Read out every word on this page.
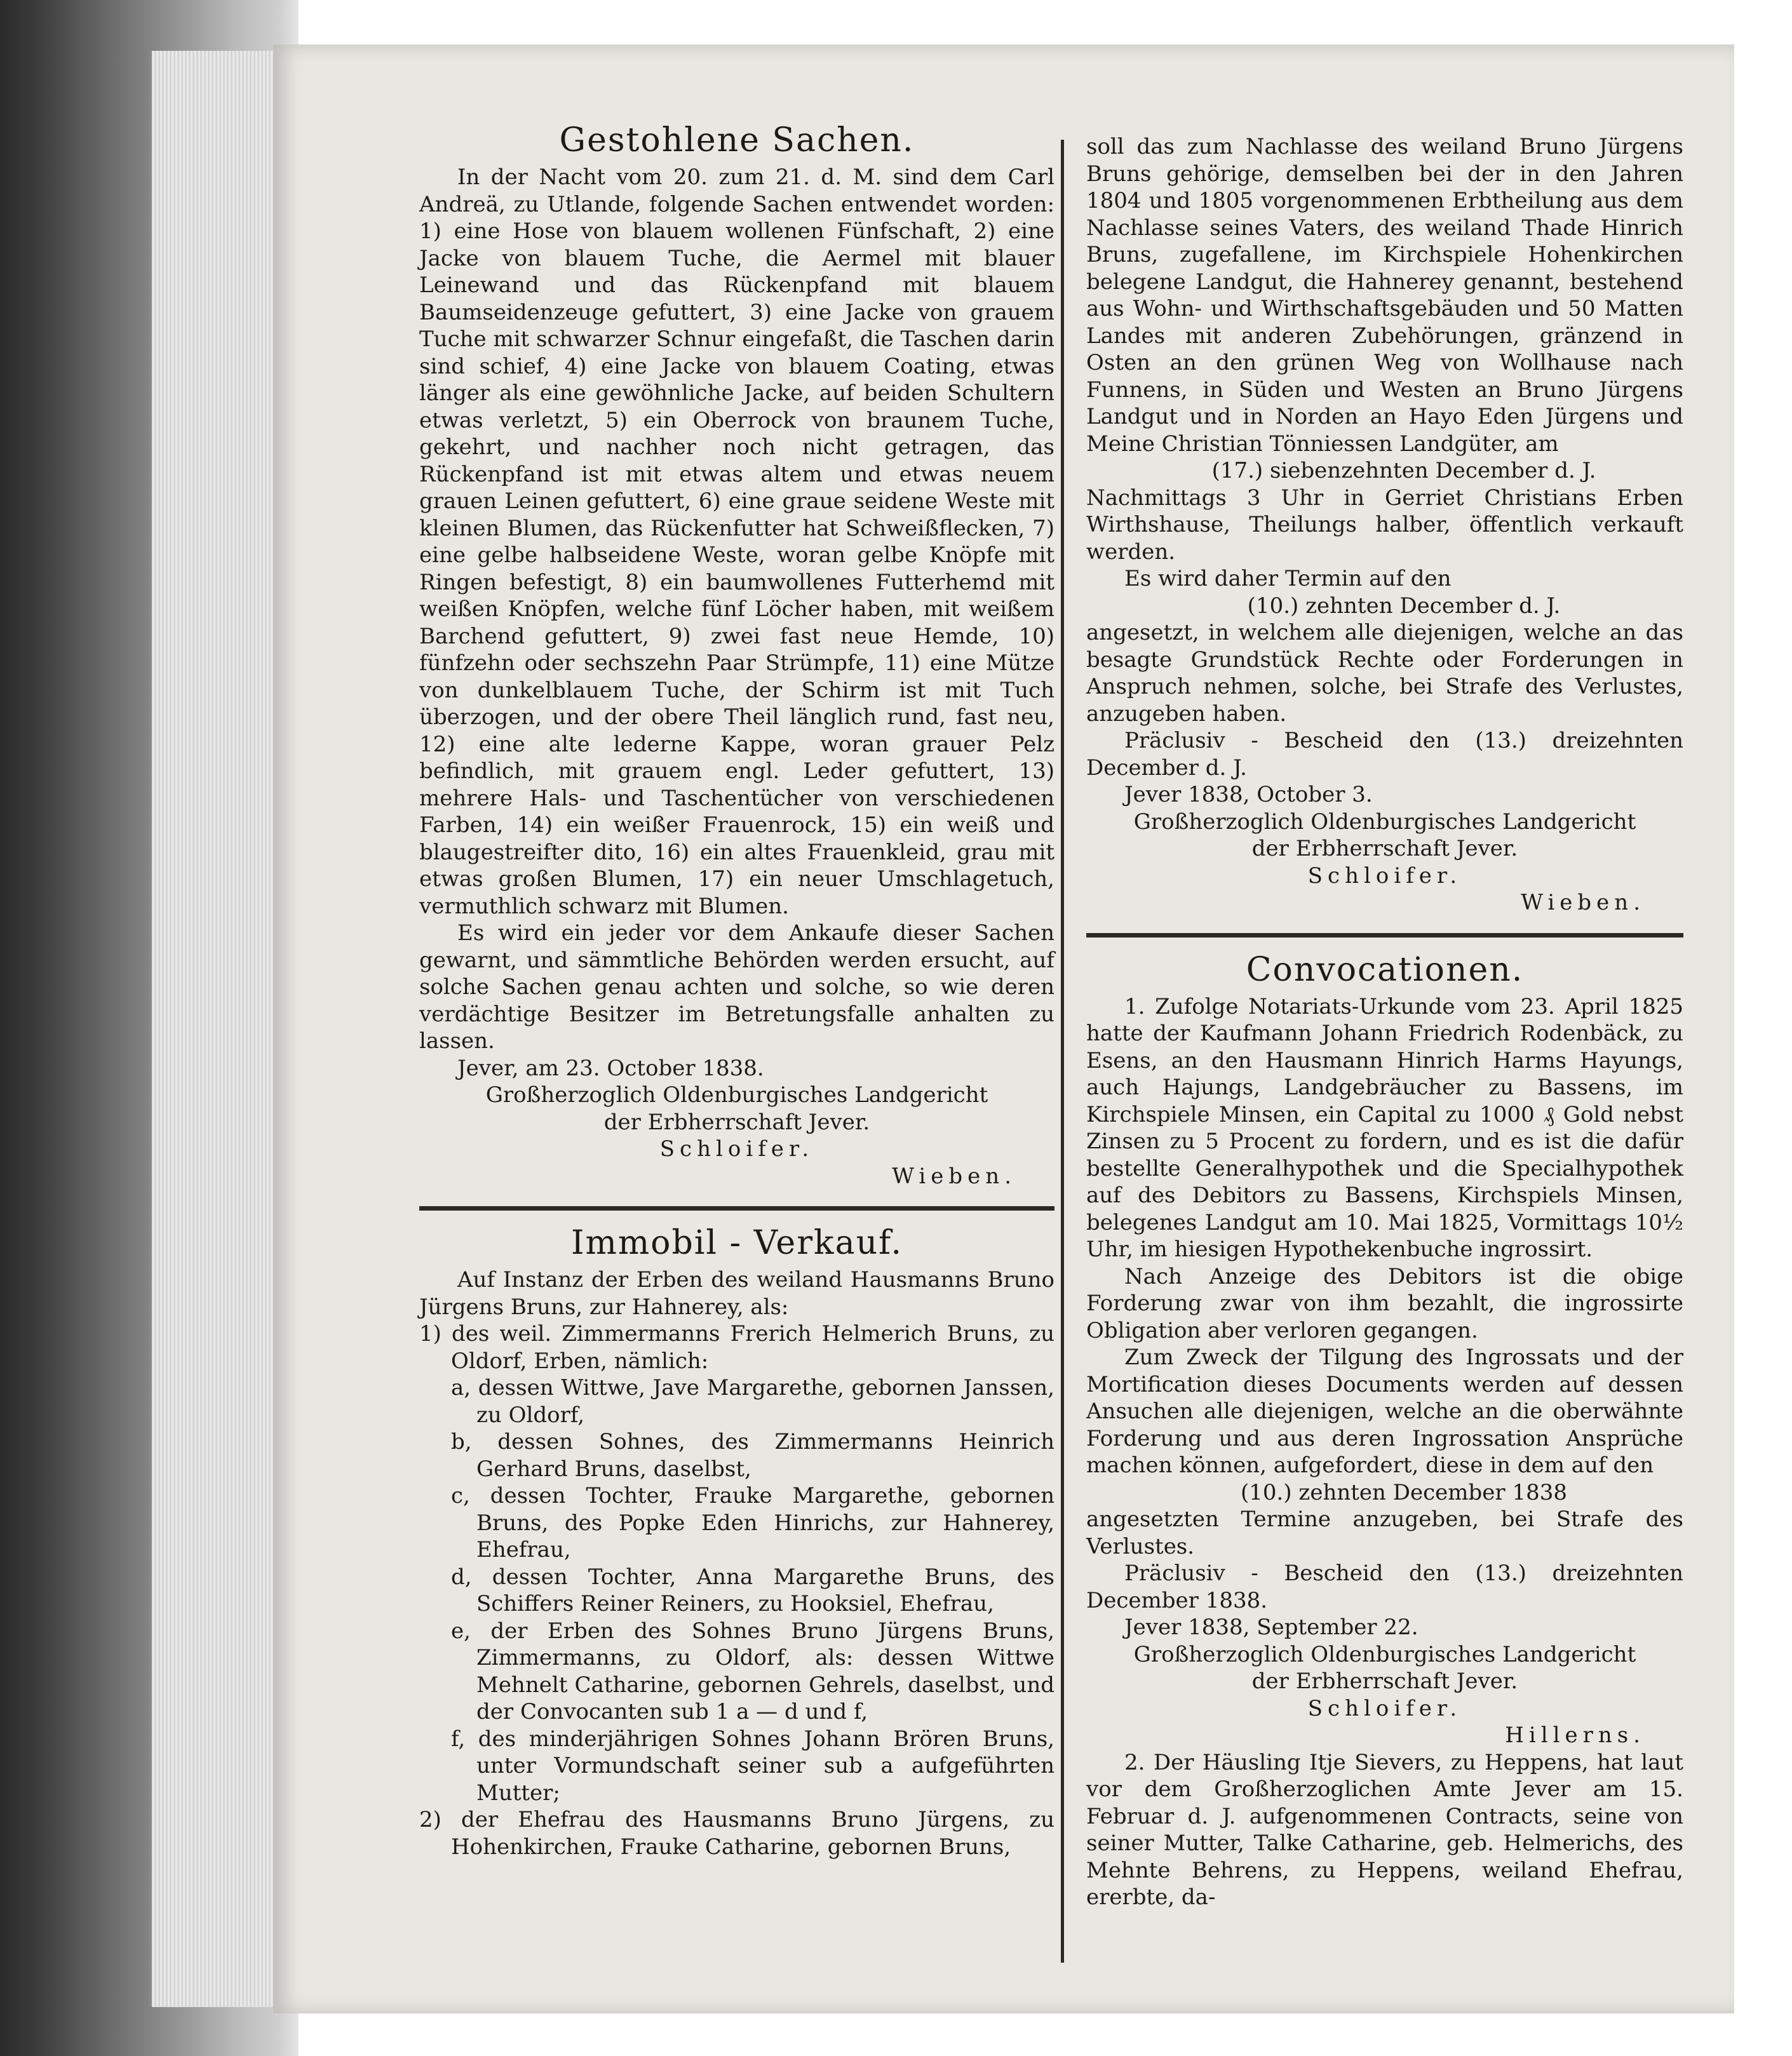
Gestohlene Sachen.

In der Nacht vom 20. zum 21. d. M. sind dem Carl Andreä, zu Utlande, folgende Sachen entwendet worden: 1) eine Hose von blauem wollenen Fünfschaft, 2) eine Jacke von blauem Tuche, die Aermel mit blauer Leinewand und das Rückenpfand mit blauem Baumseidenzeuge gefuttert, 3) eine Jacke von grauem Tuche mit schwarzer Schnur eingefaßt, die Taschen darin sind schief, 4) eine Jacke von blauem Coating, etwas länger als eine gewöhnliche Jacke, auf beiden Schultern etwas verletzt, 5) ein Oberrock von braunem Tuche, gekehrt, und nachher noch nicht getragen, das Rückenpfand ist mit etwas altem und etwas neuem grauen Leinen gefuttert, 6) eine graue seidene Weste mit kleinen Blumen, das Rückenfutter hat Schweißflecken, 7) eine gelbe halbseidene Weste, woran gelbe Knöpfe mit Ringen befestigt, 8) ein baumwollenes Futterhemd mit weißen Knöpfen, welche fünf Löcher haben, mit weißem Barchend gefuttert, 9) zwei fast neue Hemde, 10) fünfzehn oder sechszehn Paar Strümpfe, 11) eine Mütze von dunkelblauem Tuche, der Schirm ist mit Tuch überzogen, und der obere Theil länglich rund, fast neu, 12) eine alte lederne Kappe, woran grauer Pelz befindlich, mit grauem engl. Leder gefuttert, 13) mehrere Hals- und Taschentücher von verschiedenen Farben, 14) ein weißer Frauenrock, 15) ein weiß und blaugestreifter dito, 16) ein altes Frauenkleid, grau mit etwas großen Blumen, 17) ein neuer Umschlagetuch, vermuthlich schwarz mit Blumen.

Es wird ein jeder vor dem Ankaufe dieser Sachen gewarnt, und sämmtliche Behörden werden ersucht, auf solche Sachen genau achten und solche, so wie deren verdächtige Besitzer im Betretungsfalle anhalten zu lassen.

Jever, am 23. October 1838.

Großherzoglich Oldenburgisches Landgericht

der Erbherrschaft Jever.

Schloifer.

Wieben.

Immobil - Verkauf.

Auf Instanz der Erben des weiland Hausmanns Bruno Jürgens Bruns, zur Hahnerey, als:

1) des weil. Zimmermanns Frerich Helmerich Bruns, zu Oldorf, Erben, nämlich:

a, dessen Wittwe, Jave Margarethe, gebornen Janssen, zu Oldorf,

b, dessen Sohnes, des Zimmermanns Heinrich Gerhard Bruns, daselbst,

c, dessen Tochter, Frauke Margarethe, gebornen Bruns, des Popke Eden Hinrichs, zur Hahnerey, Ehefrau,

d, dessen Tochter, Anna Margarethe Bruns, des Schiffers Reiner Reiners, zu Hooksiel, Ehefrau,

e, der Erben des Sohnes Bruno Jürgens Bruns, Zimmermanns, zu Oldorf, als: dessen Wittwe Mehnelt Catharine, gebornen Gehrels, daselbst, und der Convocanten sub 1 a — d und f,

f, des minderjährigen Sohnes Johann Brören Bruns, unter Vormundschaft seiner sub a aufgeführten Mutter;

2) der Ehefrau des Hausmanns Bruno Jürgens, zu Hohenkirchen, Frauke Catharine, gebornen Bruns,

soll das zum Nachlasse des weiland Bruno Jürgens Bruns gehörige, demselben bei der in den Jahren 1804 und 1805 vorgenommenen Erbtheilung aus dem Nachlasse seines Vaters, des weiland Thade Hinrich Bruns, zugefallene, im Kirchspiele Hohenkirchen belegene Landgut, die Hahnerey genannt, bestehend aus Wohn- und Wirthschaftsgebäuden und 50 Matten Landes mit anderen Zubehörungen, gränzend in Osten an den grünen Weg von Wollhause nach Funnens, in Süden und Westen an Bruno Jürgens Landgut und in Norden an Hayo Eden Jürgens und Meine Christian Tönniessen Landgüter, am

(17.) siebenzehnten December d. J.

Nachmittags 3 Uhr in Gerriet Christians Erben Wirthshause, Theilungs halber, öffentlich verkauft werden.

Es wird daher Termin auf den

(10.) zehnten December d. J.

angesetzt, in welchem alle diejenigen, welche an das besagte Grundstück Rechte oder Forderungen in Anspruch nehmen, solche, bei Strafe des Verlustes, anzugeben haben.

Präclusiv - Bescheid den (13.) dreizehnten December d. J.

Jever 1838, October 3.

Großherzoglich Oldenburgisches Landgericht

der Erbherrschaft Jever.

Schloifer.

Wieben.

Convocationen.

1. Zufolge Notariats-Urkunde vom 23. April 1825 hatte der Kaufmann Johann Friedrich Rodenbäck, zu Esens, an den Hausmann Hinrich Harms Hayungs, auch Hajungs, Landgebräucher zu Bassens, im Kirchspiele Minsen, ein Capital zu 1000 ₰ Gold nebst Zinsen zu 5 Procent zu fordern, und es ist die dafür bestellte Generalhypothek und die Specialhypothek auf des Debitors zu Bassens, Kirchspiels Minsen, belegenes Landgut am 10. Mai 1825, Vormittags 10½ Uhr, im hiesigen Hypothekenbuche ingrossirt.

Nach Anzeige des Debitors ist die obige Forderung zwar von ihm bezahlt, die ingrossirte Obligation aber verloren gegangen.

Zum Zweck der Tilgung des Ingrossats und der Mortification dieses Documents werden auf dessen Ansuchen alle diejenigen, welche an die oberwähnte Forderung und aus deren Ingrossation Ansprüche machen können, aufgefordert, diese in dem auf den

(10.) zehnten December 1838

angesetzten Termine anzugeben, bei Strafe des Verlustes.

Präclusiv - Bescheid den (13.) dreizehnten December 1838.

Jever 1838, September 22.

Großherzoglich Oldenburgisches Landgericht

der Erbherrschaft Jever.

Schloifer.

Hillerns.

2. Der Häusling Itje Sievers, zu Heppens, hat laut vor dem Großherzoglichen Amte Jever am 15. Februar d. J. aufgenommenen Contracts, seine von seiner Mutter, Talke Catharine, geb. Helmerichs, des Mehnte Behrens, zu Heppens, weiland Ehefrau, ererbte, da-
